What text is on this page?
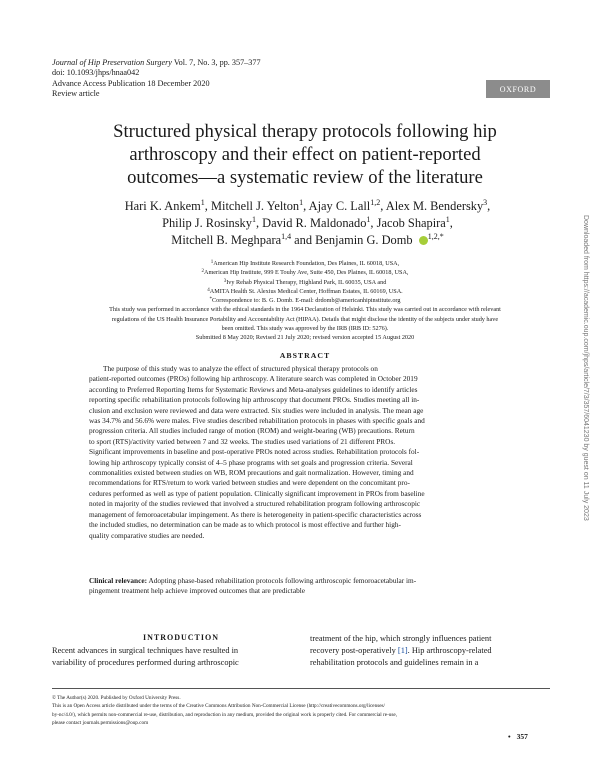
Journal of Hip Preservation Surgery Vol. 7, No. 3, pp. 357–377
doi: 10.1093/jhps/hnaa042
Advance Access Publication 18 December 2020
Review article
OXFORD
Structured physical therapy protocols following hip
arthroscopy and their effect on patient-reported
outcomes—a systematic review of the literature
Hari K. Ankem$^1$, Mitchell J. Yelton$^1$, Ajay C. Lall$^{1,2}$, Alex M. Bendersky$^3$,
Philip J. Rosinsky$^1$, David R. Maldonado$^1$, Jacob Shapira$^1$,
Mitchell B. Meghpara$^{1,4}$ and Benjamin G. Domb $^{1,2,*}$
$^1$American Hip Institute Research Foundation, Des Plaines, IL 60018, USA,
$^2$American Hip Institute, 999 E Touhy Ave, Suite 450, Des Plaines, IL 60018, USA,
$^3$Ivy Rehab Physical Therapy, Highland Park, IL 60035, USA and
$^4$AMITA Health St. Alexius Medical Center, Hoffman Estates, IL 60169, USA.
*Correspondence to: B. G. Domb. E-mail: drdomb@americanhipinstitute.org
This study was performed in accordance with the ethical standards in the 1964 Declaration of Helsinki. This study was carried out in accordance with relevant
regulations of the US Health Insurance Portability and Accountability Act (HIPAA). Details that might disclose the identity of the subjects under study have
been omitted. This study was approved by the IRB (IRB ID: 5276).
Submitted 8 May 2020; Revised 21 July 2020; revised version accepted 15 August 2020
ABSTRACT
The purpose of this study was to analyze the effect of structured physical therapy protocols on
patient-reported outcomes (PROs) following hip arthroscopy. A literature search was completed in October 2019
according to Preferred Reporting Items for Systematic Reviews and Meta-analyses guidelines to identify articles
reporting specific rehabilitation protocols following hip arthroscopy that document PROs. Studies meeting all in-
clusion and exclusion were reviewed and data were extracted. Six studies were included in analysis. The mean age
was 34.7% and 56.6% were males. Five studies described rehabilitation protocols in phases with specific goals and
progression criteria. All studies included range of motion (ROM) and weight-bearing (WB) precautions. Return
to sport (RTS)/activity varied between 7 and 32 weeks. The studies used variations of 21 different PROs.
Significant improvements in baseline and post-operative PROs noted across studies. Rehabilitation protocols fol-
lowing hip arthroscopy typically consist of 4–5 phase programs with set goals and progression criteria. Several
commonalities existed between studies on WB, ROM precautions and gait normalization. However, timing and
recommendations for RTS/return to work varied between studies and were dependent on the concomitant pro-
cedures performed as well as type of patient population. Clinically significant improvement in PROs from baseline
noted in majority of the studies reviewed that involved a structured rehabilitation program following arthroscopic
management of femoroacetabular impingement. As there is heterogeneity in patient-specific characteristics across
the included studies, no determination can be made as to which protocol is most effective and further high-
quality comparative studies are needed.
Clinical relevance: Adopting phase-based rehabilitation protocols following arthroscopic femoroacetabular im-
pingement treatment help achieve improved outcomes that are predictable
INTRODUCTION
Recent advances in surgical techniques have resulted in
variability of procedures performed during arthroscopic
treatment of the hip, which strongly influences patient
recovery post-operatively [1]. Hip arthroscopy-related
rehabilitation protocols and guidelines remain in a
© The Author(s) 2020. Published by Oxford University Press.
This is an Open Access article distributed under the terms of the Creative Commons Attribution Non-Commercial License (http://creativecommons.org/licenses/
by-nc/4.0/), which permits non-commercial re-use, distribution, and reproduction in any medium, provided the original work is properly cited. For commercial re-use,
please contact journals.permissions@oup.com
• 357
Downloaded from https://academic.oup.com/jhps/article/7/3/357/6041230 by guest on 11 July 2023
